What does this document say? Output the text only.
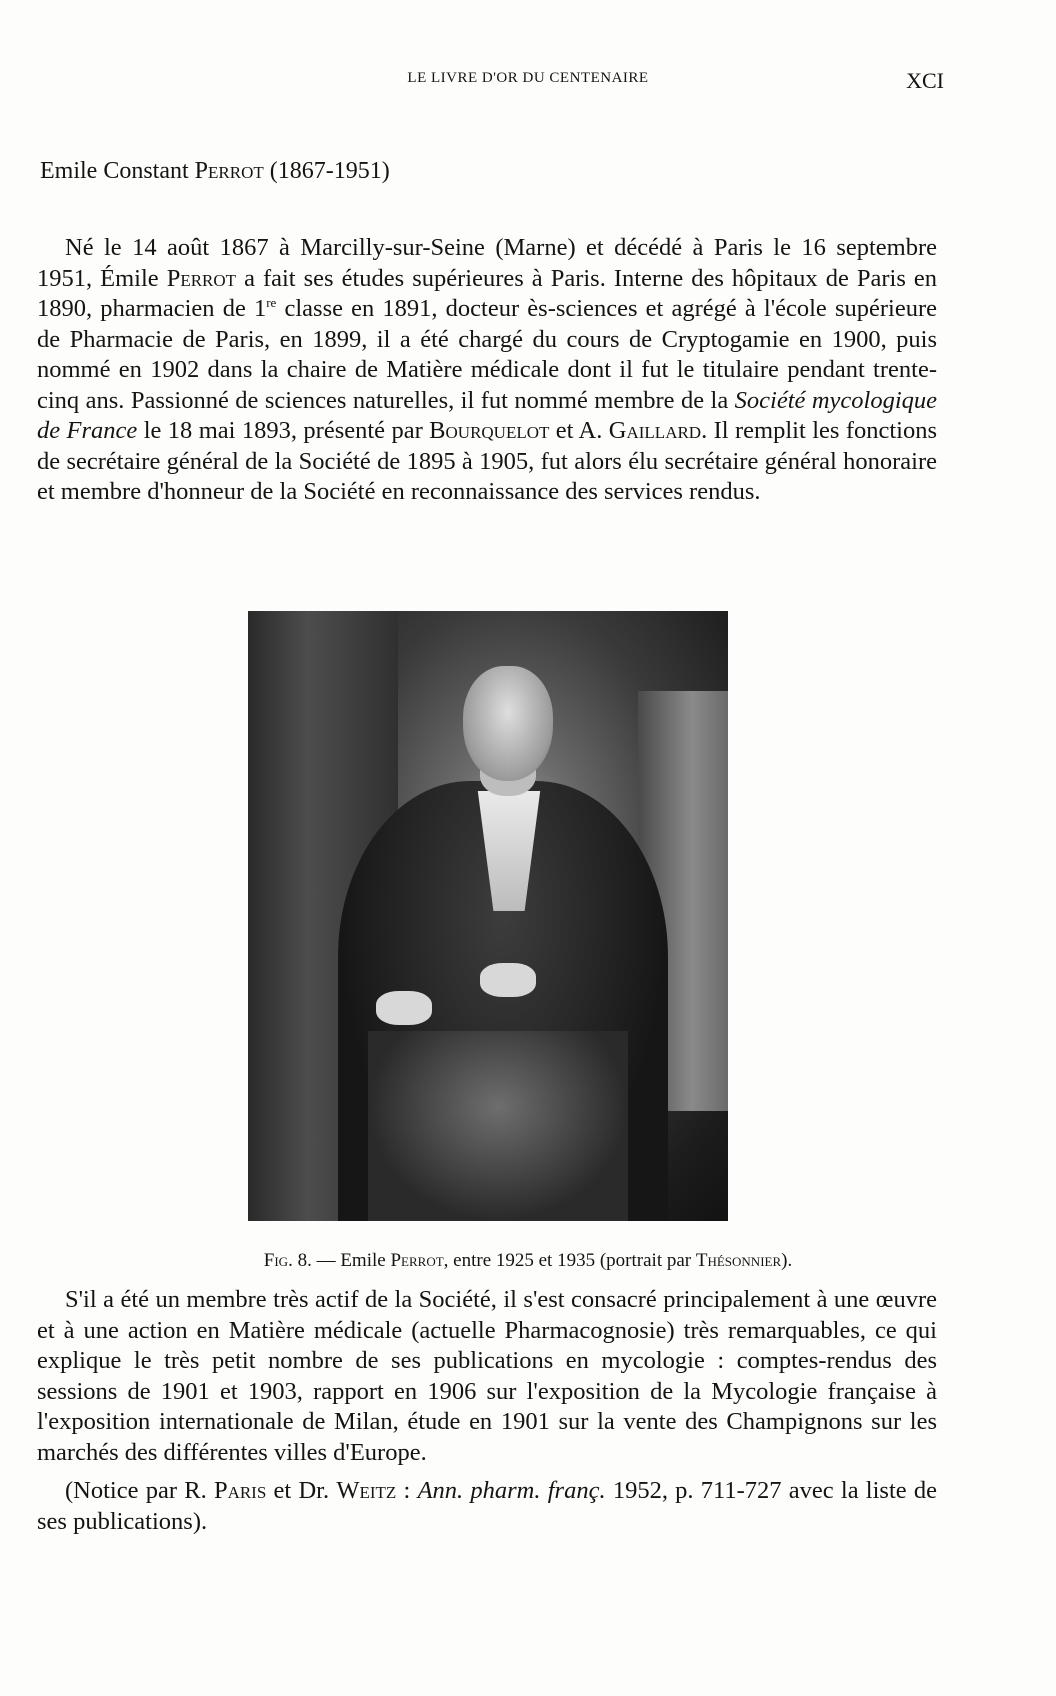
LE LIVRE D'OR DU CENTENAIRE	XCI
Emile Constant Perrot (1867-1951)

Né le 14 août 1867 à Marcilly-sur-Seine (Marne) et décédé à Paris le 16 septembre 1951, Émile Perrot a fait ses études supérieures à Paris. Interne des hôpitaux de Paris en 1890, pharmacien de 1re classe en 1891, docteur ès-sciences et agrégé à l'école supérieure de Pharmacie de Paris, en 1899, il a été chargé du cours de Cryptogamie en 1900, puis nommé en 1902 dans la chaire de Matière médicale dont il fut le titulaire pendant trente-cinq ans. Passionné de sciences naturelles, il fut nommé membre de la Société mycologique de France le 18 mai 1893, présenté par Bourquelot et A. Gaillard. Il remplit les fonctions de secrétaire général de la Société de 1895 à 1905, fut alors élu secrétaire général honoraire et membre d'honneur de la Société en reconnaissance des services rendus.

Fig. 8. — Emile Perrot, entre 1925 et 1935 (portrait par Thésonnier).

S'il a été un membre très actif de la Société, il s'est consacré principalement à une œuvre et à une action en Matière médicale (actuelle Pharmacognosie) très remarquables, ce qui explique le très petit nombre de ses publications en mycologie : comptes-rendus des sessions de 1901 et 1903, rapport en 1906 sur l'exposition de la Mycologie française à l'exposition internationale de Milan, étude en 1901 sur la vente des Champignons sur les marchés des différentes villes d'Europe.

(Notice par R. Paris et Dr. Weitz : Ann. pharm. franç. 1952, p. 711-727 avec la liste de ses publications).
